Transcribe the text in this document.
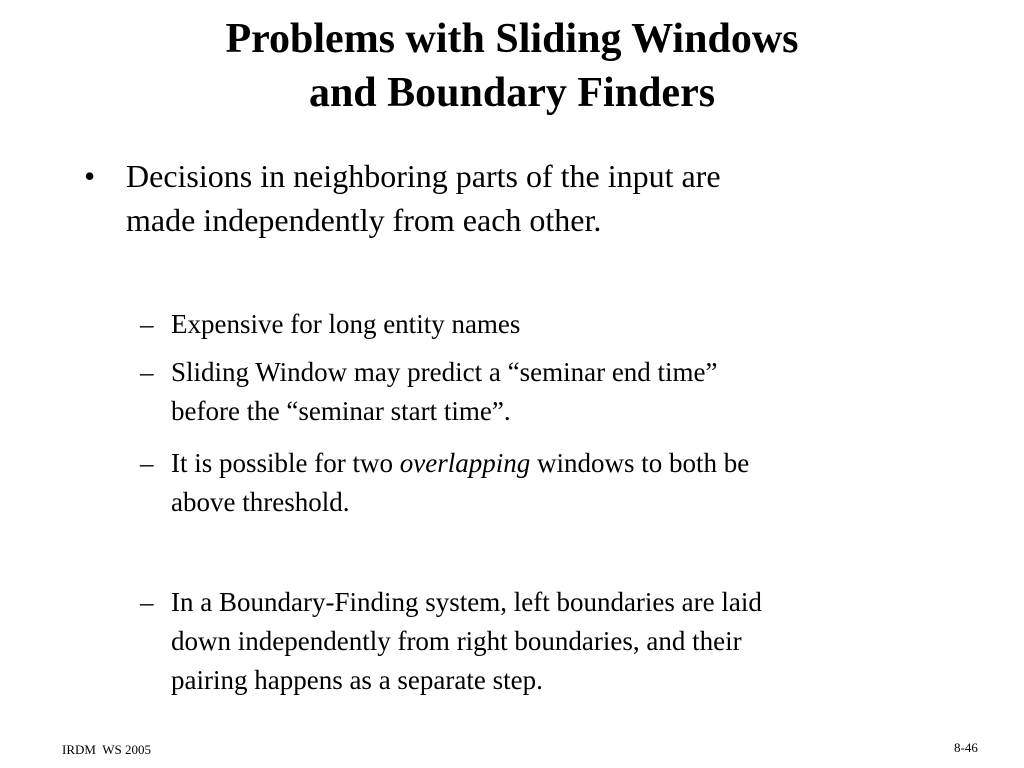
Problems with Sliding Windows
and Boundary Finders
• Decisions in neighboring parts of the input are
made independently from each other.
– Expensive for long entity names
– Sliding Window may predict a “seminar end time”
before the “seminar start time”.
– It is possible for two overlapping windows to both be
above threshold.
– In a Boundary-Finding system, left boundaries are laid
down independently from right boundaries, and their
pairing happens as a separate step.
IRDM  WS 2005	8-46
